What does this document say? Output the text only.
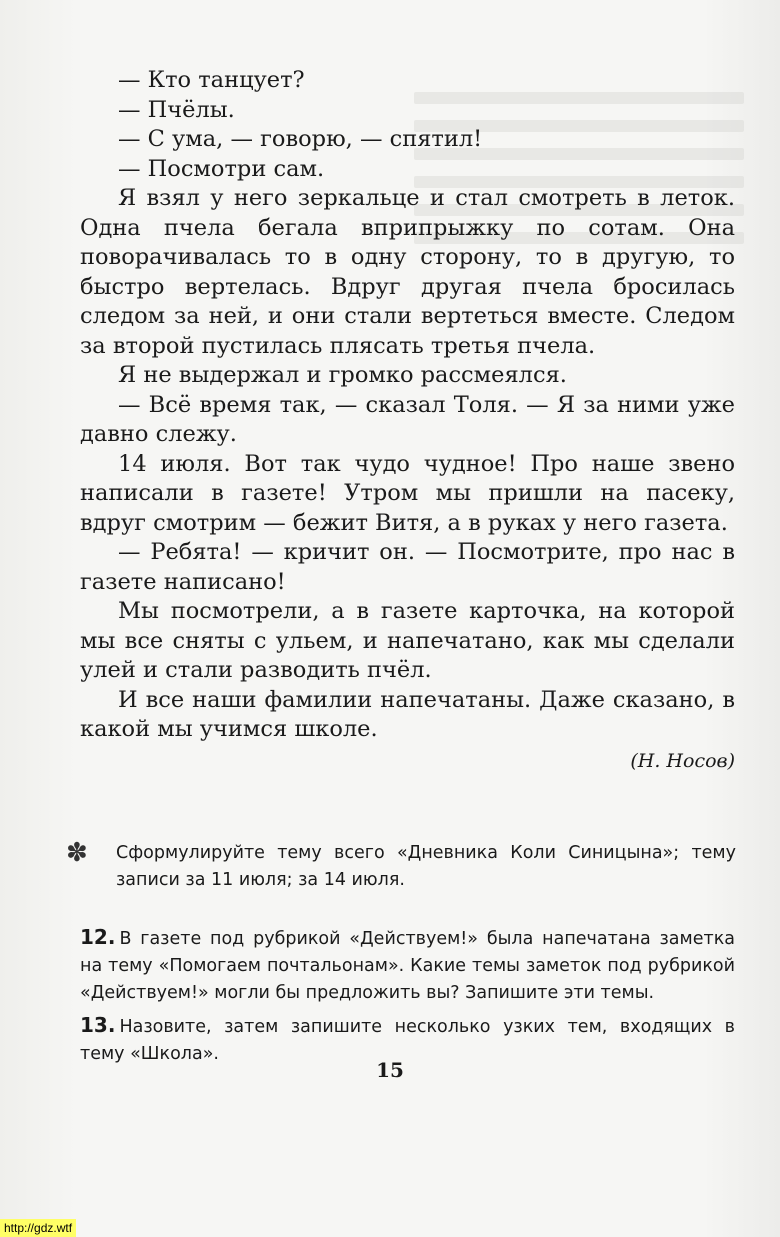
— Кто танцует?

— Пчёлы.

— С ума, — говорю, — спятил!

— Посмотри сам.

Я взял у него зеркальце и стал смотреть в леток. Одна пчела бегала вприпрыжку по сотам. Она поворачивалась то в одну сторону, то в другую, то быстро вертелась. Вдруг другая пчела бросилась следом за ней, и они стали вертеться вместе. Следом за второй пустилась плясать третья пчела.

Я не выдержал и громко рассмеялся.

— Всё время так, — сказал Толя. — Я за ними уже давно слежу.

14 июля. Вот так чудо чудное! Про наше звено написали в газете! Утром мы пришли на пасеку, вдруг смотрим — бежит Витя, а в руках у него газета.

— Ребята! — кричит он. — Посмотрите, про нас в газете написано!

Мы посмотрели, а в газете карточка, на которой мы все сняты с ульем, и напечатано, как мы сделали улей и стали разводить пчёл.

И все наши фамилии напечатаны. Даже сказано, в какой мы учимся школе.

(Н. Носов)

✽	Сформулируйте тему всего «Дневника Коли Синицына»; тему записи за 11 июля; за 14 июля.

12. В газете под рубрикой «Действуем!» была напечатана заметка на тему «Помогаем почтальонам». Какие темы заметок под рубрикой «Действуем!» могли бы предложить вы? Запишите эти темы.

13. Назовите, затем запишите несколько узких тем, входящих в тему «Школа».

15
http://gdz.wtf
